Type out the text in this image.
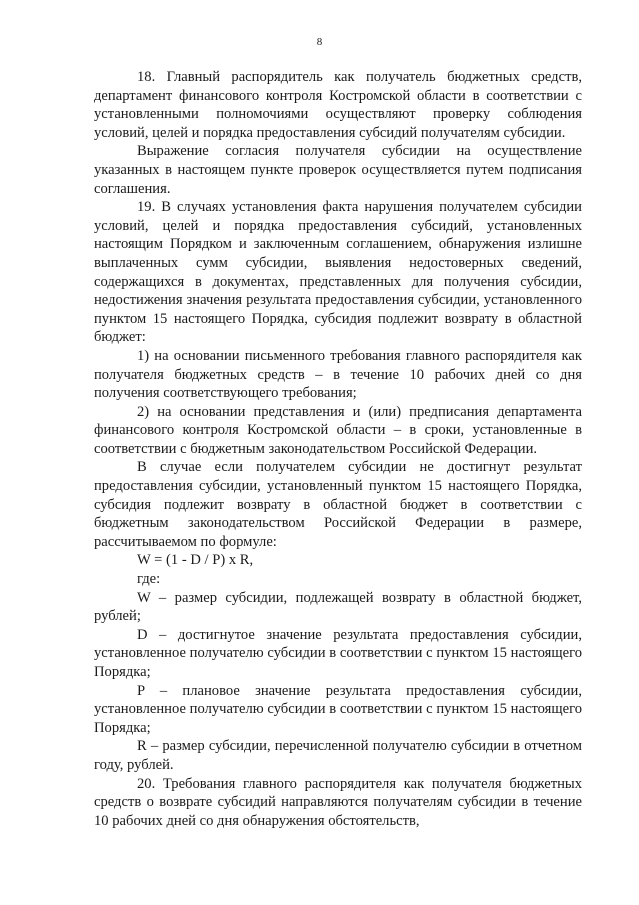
8

18. Главный распорядитель как получатель бюджетных средств, департамент финансового контроля Костромской области в соответствии с установленными полномочиями осуществляют проверку соблюдения условий, целей и порядка предоставления субсидий получателям субсидии.

Выражение согласия получателя субсидии на осуществление указанных в настоящем пункте проверок осуществляется путем подписания соглашения.

19. В случаях установления факта нарушения получателем субсидии условий, целей и порядка предоставления субсидий, установленных настоящим Порядком и заключенным соглашением, обнаружения излишне выплаченных сумм субсидии, выявления недостоверных сведений, содержащихся в документах, представленных для получения субсидии, недостижения значения результата предоставления субсидии, установленного пунктом 15 настоящего Порядка, субсидия подлежит возврату в областной бюджет:

1) на основании письменного требования главного распорядителя как получателя бюджетных средств – в течение 10 рабочих дней со дня получения соответствующего требования;

2) на основании представления и (или) предписания департамента финансового контроля Костромской области – в сроки, установленные в соответствии с бюджетным законодательством Российской Федерации.

В случае если получателем субсидии не достигнут результат предоставления субсидии, установленный пунктом 15 настоящего Порядка, субсидия подлежит возврату в областной бюджет в соответствии с бюджетным законодательством Российской Федерации в размере, рассчитываемом по формуле:

W = (1 - D / P) x R,

где:

W – размер субсидии, подлежащей возврату в областной бюджет, рублей;

D – достигнутое значение результата предоставления субсидии, установленное получателю субсидии в соответствии с пунктом 15 настоящего Порядка;

P – плановое значение результата предоставления субсидии, установленное получателю субсидии в соответствии с пунктом 15 настоящего Порядка;

R – размер субсидии, перечисленной получателю субсидии в отчетном году, рублей.

20. Требования главного распорядителя как получателя бюджетных средств о возврате субсидий направляются получателям субсидии в течение 10 рабочих дней со дня обнаружения обстоятельств,
